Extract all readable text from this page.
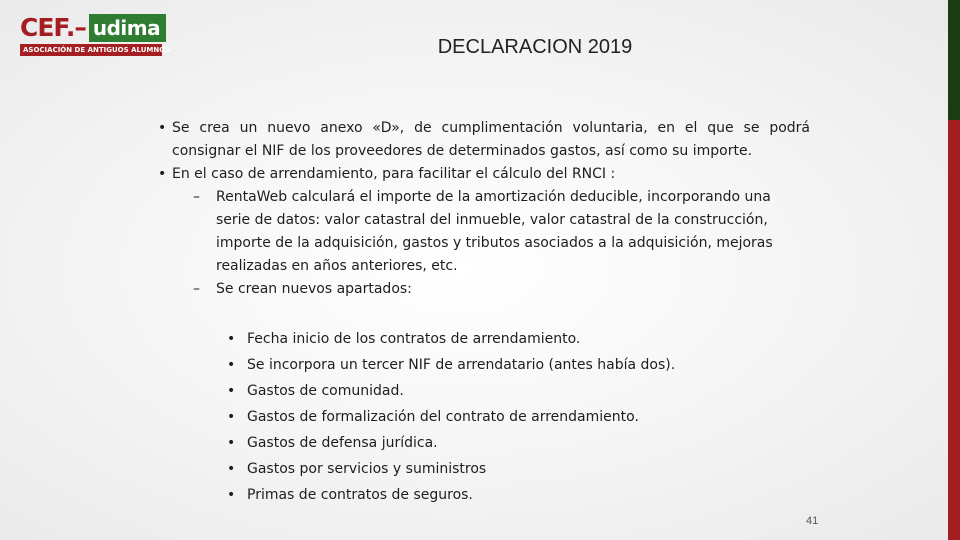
CEF.– udima
ASOCIACIÓN DE ANTIGUOS ALUMNOS	DECLARACION 2019
• Se crea un nuevo anexo «D», de cumplimentación voluntaria, en el que se podrá consignar el NIF de los proveedores de determinados gastos, así como su importe.
• En el caso de arrendamiento, para facilitar el cálculo del RNCI :
– RentaWeb calculará el importe de la amortización deducible, incorporando una serie de datos: valor catastral del inmueble, valor catastral de la construcción, importe de la adquisición, gastos y tributos asociados a la adquisición, mejoras realizadas en años anteriores, etc.
– Se crean nuevos apartados:
• Fecha inicio de los contratos de arrendamiento.
• Se incorpora un tercer NIF de arrendatario (antes había dos).
• Gastos de comunidad.
• Gastos de formalización del contrato de arrendamiento.
• Gastos de defensa jurídica.
• Gastos por servicios y suministros
• Primas de contratos de seguros.
41
